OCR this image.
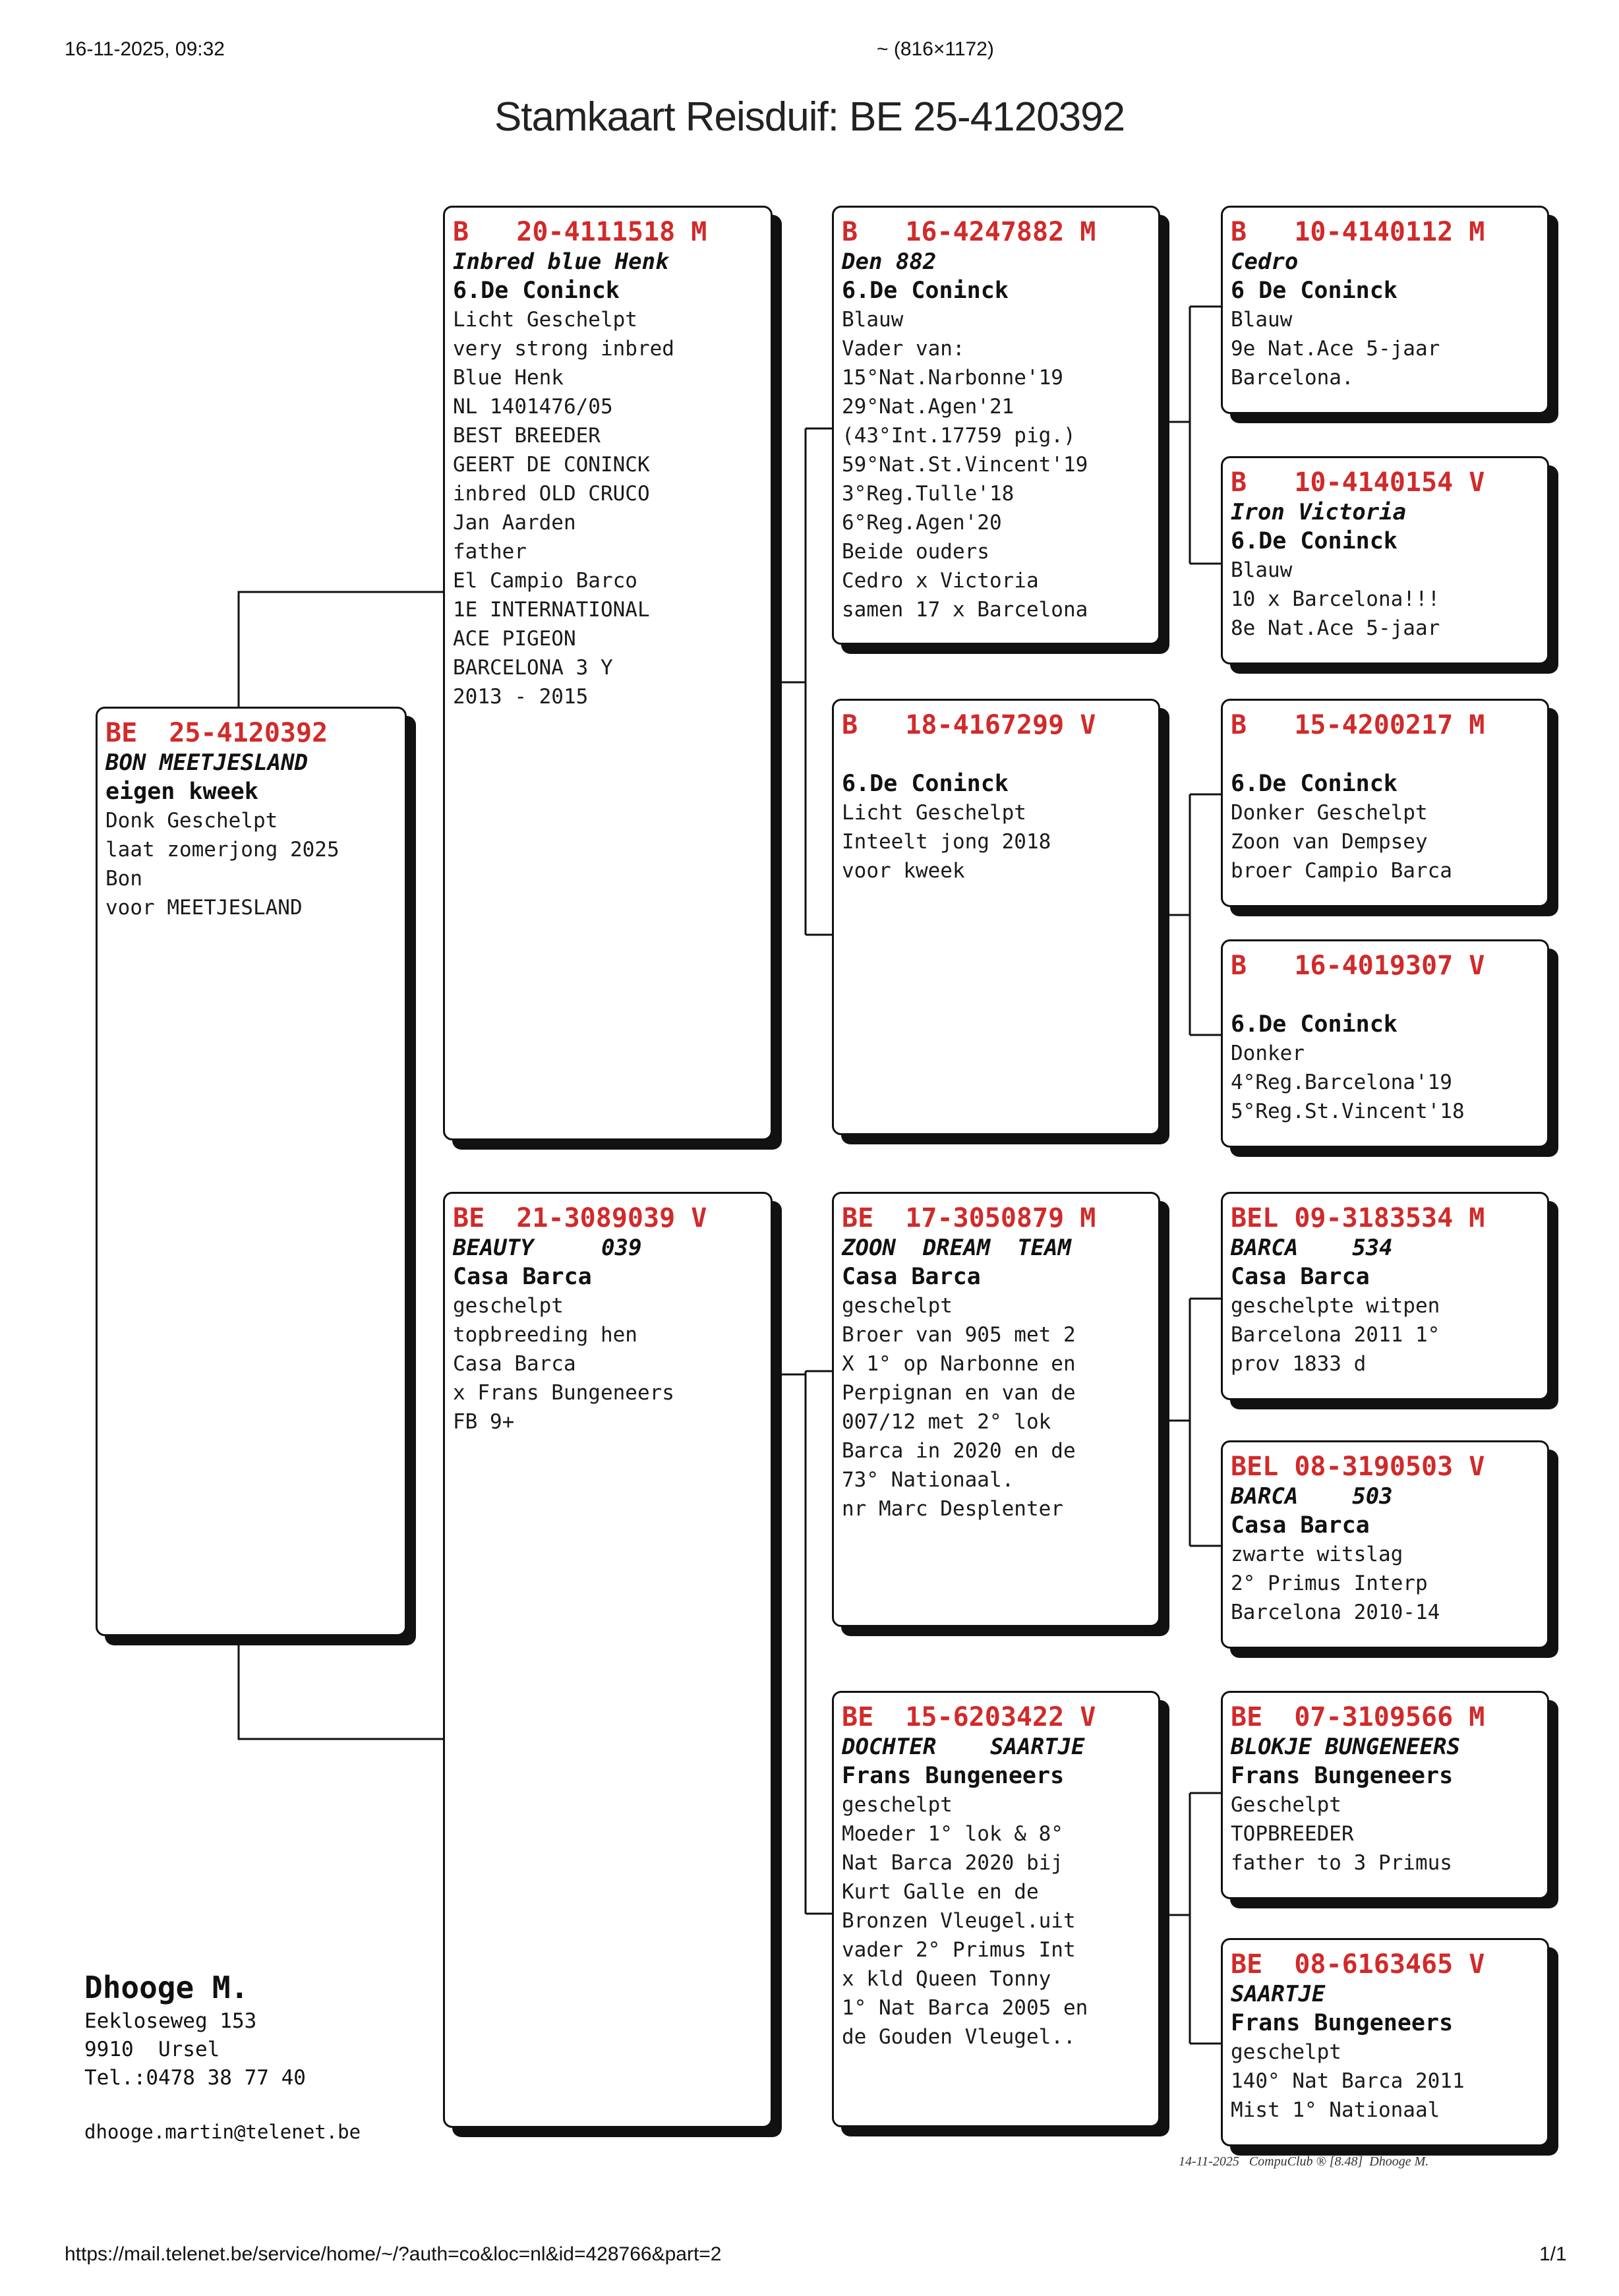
16-11-2025, 09:32	~ (816×1172)
Stamkaart Reisduif: BE 25-4120392
BE
25-4120392

BON MEETJESLAND
eigen kweek
Donk Geschelpt
laat zomerjong 2025
Bon
voor MEETJESLAND
B
20-4111518
M
Inbred blue Henk
6.De Coninck
Licht Geschelpt
very strong inbred
Blue Henk
NL 1401476/05
BEST BREEDER
GEERT DE CONINCK
inbred OLD CRUCO
Jan Aarden
father
El Campio Barco
1E INTERNATIONAL
ACE PIGEON
BARCELONA 3 Y
2013 - 2015
BE
21-3089039
V
BEAUTY     039
Casa Barca
geschelpt
topbreeding hen
Casa Barca
x Frans Bungeneers
FB 9+
B
16-4247882
M
Den 882
6.De Coninck
Blauw
Vader van:
15°Nat.Narbonne'19
29°Nat.Agen'21
(43°Int.17759 pig.)
59°Nat.St.Vincent'19
3°Reg.Tulle'18
6°Reg.Agen'20
Beide ouders
Cedro x Victoria
samen 17 x Barcelona
B
18-4167299
V
6.De Coninck
Licht Geschelpt
Inteelt jong 2018
voor kweek
BE
17-3050879
M
ZOON  DREAM  TEAM
Casa Barca
geschelpt
Broer van 905 met 2
X 1° op Narbonne en
Perpignan en van de
007/12 met 2° lok
Barca in 2020 en de
73° Nationaal.
nr Marc Desplenter
BE
15-6203422
V
DOCHTER    SAARTJE
Frans Bungeneers
geschelpt
Moeder 1° lok & 8°
Nat Barca 2020 bij
Kurt Galle en de
Bronzen Vleugel.uit
vader 2° Primus Int
x kld Queen Tonny
1° Nat Barca 2005 en
de Gouden Vleugel..
B
10-4140112
M
Cedro
6 De Coninck
Blauw
9e Nat.Ace 5-jaar
Barcelona.
B
10-4140154
V
Iron Victoria
6.De Coninck
Blauw
10 x Barcelona!!!
8e Nat.Ace 5-jaar
B
15-4200217
M
6.De Coninck
Donker Geschelpt
Zoon van Dempsey
broer Campio Barca
B
16-4019307
V
6.De Coninck
Donker
4°Reg.Barcelona'19
5°Reg.St.Vincent'18
BEL
09-3183534
M
BARCA    534
Casa Barca
geschelpte witpen
Barcelona 2011 1°
prov 1833 d
BEL
08-3190503
V
BARCA    503
Casa Barca
zwarte witslag
2° Primus Interp
Barcelona 2010-14
BE
07-3109566
M
BLOKJE BUNGENEERS
Frans Bungeneers
Geschelpt
TOPBREEDER
father to 3 Primus
BE
08-6163465
V
SAARTJE
Frans Bungeneers
geschelpt
140° Nat Barca 2011
Mist 1° Nationaal
Dhooge M.
Eekloseweg 153
9910  Ursel
Tel.:0478 38 77 40
dhooge.martin@telenet.be
14-11-2025   CompuClub ® [8.48]  Dhooge M.
https://mail.telenet.be/service/home/~/?auth=co&loc=nl&id=428766&part=2	1/1
